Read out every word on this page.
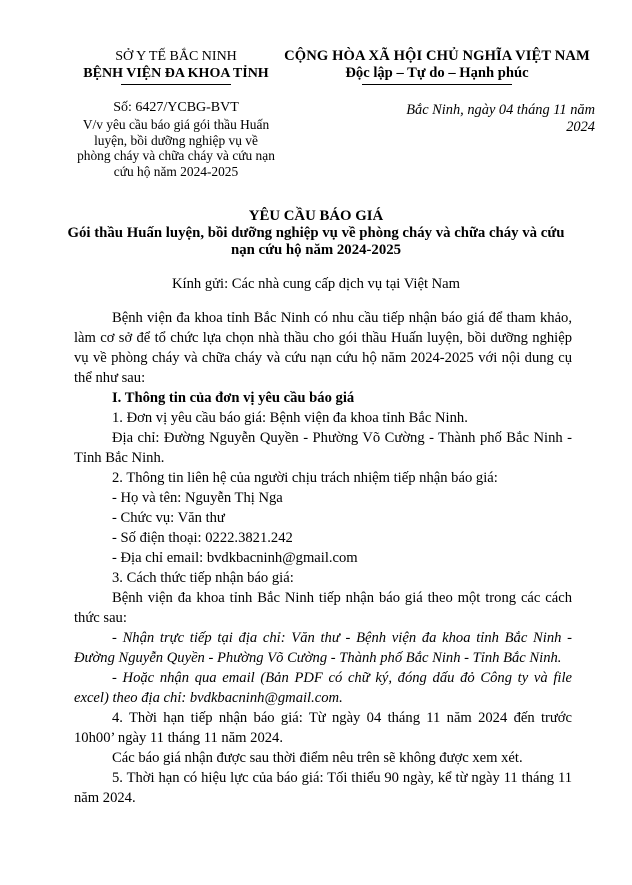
SỞ Y TẾ BẮC NINH
BỆNH VIỆN ĐA KHOA TỈNH
Số: 6427/YCBG-BVT
V/v yêu cầu báo giá gói thầu Huấn luyện, bồi dưỡng nghiệp vụ về phòng cháy và chữa cháy và cứu nạn cứu hộ năm 2024-2025
CỘNG HÒA XÃ HỘI CHỦ NGHĨA VIỆT NAM
Độc lập – Tự do – Hạnh phúc
Bắc Ninh, ngày 04 tháng 11 năm 2024
YÊU CẦU BÁO GIÁ
Gói thầu Huấn luyện, bồi dưỡng nghiệp vụ về phòng cháy và chữa cháy và cứu nạn cứu hộ năm 2024-2025
Kính gửi: Các nhà cung cấp dịch vụ tại Việt Nam

Bệnh viện đa khoa tỉnh Bắc Ninh có nhu cầu tiếp nhận báo giá để tham khảo, làm cơ sở để tổ chức lựa chọn nhà thầu cho gói thầu Huấn luyện, bồi dưỡng nghiệp vụ về phòng cháy và chữa cháy và cứu nạn cứu hộ năm 2024-2025 với nội dung cụ thể như sau:

I. Thông tin của đơn vị yêu cầu báo giá

1. Đơn vị yêu cầu báo giá: Bệnh viện đa khoa tỉnh Bắc Ninh.

Địa chỉ: Đường Nguyễn Quyền - Phường Võ Cường - Thành phố Bắc Ninh - Tỉnh Bắc Ninh.

2. Thông tin liên hệ của người chịu trách nhiệm tiếp nhận báo giá:

- Họ và tên: Nguyễn Thị Nga

- Chức vụ: Văn thư

- Số điện thoại: 0222.3821.242

- Địa chỉ email: bvdkbacninh@gmail.com

3. Cách thức tiếp nhận báo giá:

Bệnh viện đa khoa tỉnh Bắc Ninh tiếp nhận báo giá theo một trong các cách thức sau:

- Nhận trực tiếp tại địa chỉ: Văn thư - Bệnh viện đa khoa tỉnh Bắc Ninh - Đường Nguyễn Quyền - Phường Võ Cường - Thành phố Bắc Ninh - Tỉnh Bắc Ninh.

- Hoặc nhận qua email (Bản PDF có chữ ký, đóng dấu đỏ Công ty và file excel) theo địa chỉ: bvdkbacninh@gmail.com.

4. Thời hạn tiếp nhận báo giá: Từ ngày 04 tháng 11 năm 2024 đến trước 10h00’ ngày 11 tháng 11 năm 2024.

Các báo giá nhận được sau thời điểm nêu trên sẽ không được xem xét.

5. Thời hạn có hiệu lực của báo giá: Tối thiểu 90 ngày, kể từ ngày 11 tháng 11 năm 2024.
